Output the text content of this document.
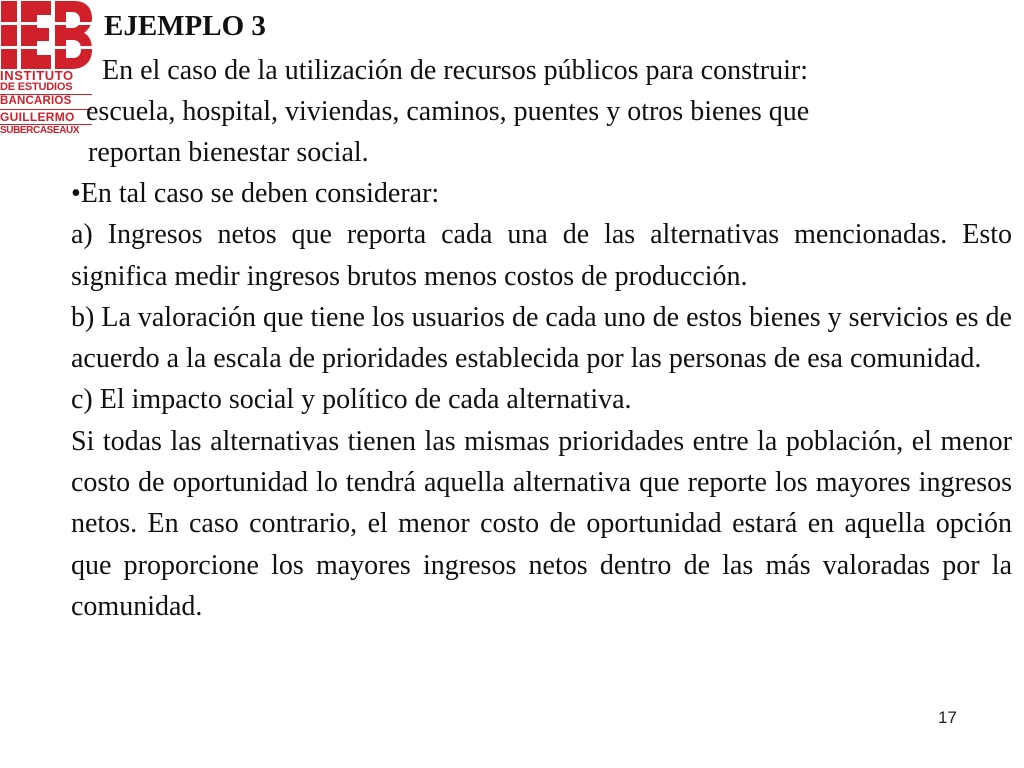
INSTITUTO
DE ESTUDIOS
BANCARIOS
GUILLERMO
SUBERCASEAUX
EJEMPLO 3
En el caso de la utilización de recursos públicos para construir:
escuela, hospital, viviendas, caminos, puentes y otros bienes que
reportan bienestar social.

•En tal caso se deben considerar:

a) Ingresos netos que reporta cada una de las alternativas mencionadas. Esto significa medir ingresos brutos menos costos de producción.

b) La valoración que tiene los usuarios de cada uno de estos bienes y servicios es de acuerdo a la escala de prioridades establecida por las personas de esa comunidad.

c) El impacto social y político de cada alternativa.

Si todas las alternativas tienen las mismas prioridades entre la población, el menor costo de oportunidad lo tendrá aquella alternativa que reporte los mayores ingresos netos. En caso contrario, el menor costo de oportunidad estará en aquella opción que proporcione los mayores ingresos netos dentro de las más valoradas por la comunidad.

17
